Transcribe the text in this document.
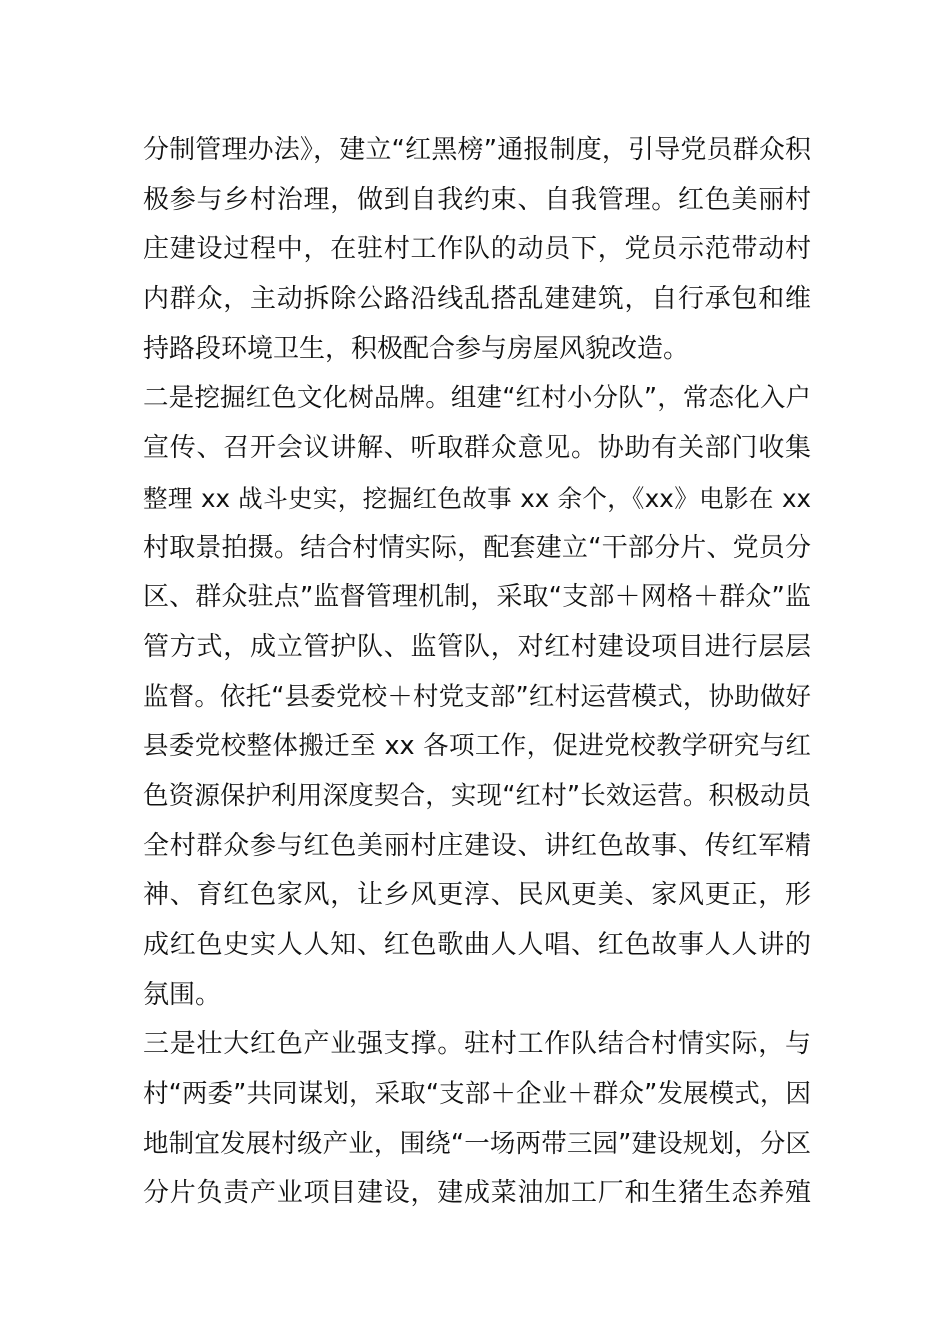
分制管理办法》，建立“红黑榜”通报制度，引导党员群众积
极参与乡村治理，做到自我约束、自我管理。红色美丽村
庄建设过程中，在驻村工作队的动员下，党员示范带动村
内群众，主动拆除公路沿线乱搭乱建建筑，自行承包和维
持路段环境卫生，积极配合参与房屋风貌改造。
二是挖掘红色文化树品牌。组建“红村小分队”，常态化入户
宣传、召开会议讲解、听取群众意见。协助有关部门收集
整理 xx 战斗史实，挖掘红色故事 xx 余个，《xx》电影在 xx
村取景拍摄。结合村情实际，配套建立“干部分片、党员分
区、群众驻点”监督管理机制，采取“支部＋网格＋群众”监
管方式，成立管护队、监管队，对红村建设项目进行层层
监督。依托“县委党校＋村党支部”红村运营模式，协助做好
县委党校整体搬迁至 xx 各项工作，促进党校教学研究与红
色资源保护利用深度契合，实现“红村”长效运营。积极动员
全村群众参与红色美丽村庄建设、讲红色故事、传红军精
神、育红色家风，让乡风更淳、民风更美、家风更正，形
成红色史实人人知、红色歌曲人人唱、红色故事人人讲的
氛围。
三是壮大红色产业强支撑。驻村工作队结合村情实际，与
村“两委”共同谋划，采取“支部＋企业＋群众”发展模式，因
地制宜发展村级产业，围绕“一场两带三园”建设规划，分区
分片负责产业项目建设，建成菜油加工厂和生猪生态养殖
